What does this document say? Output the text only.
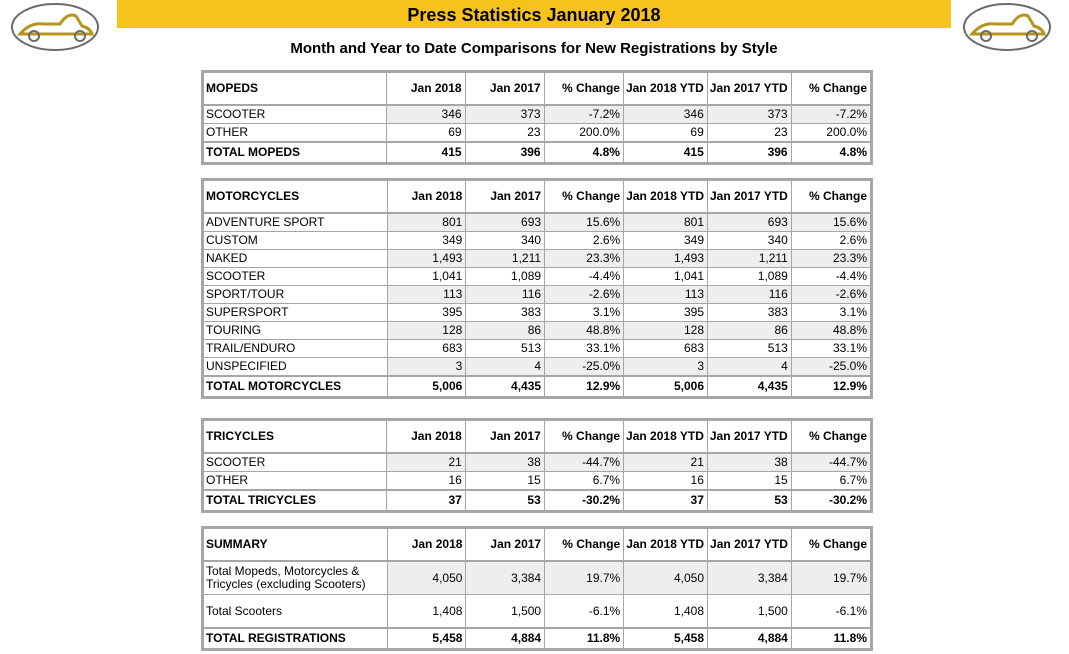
Press Statistics January 2018
Month and Year to Date Comparisons for New Registrations by Style
MOPEDS	Jan 2018	Jan 2017	% Change	Jan 2018 YTD	Jan 2017 YTD	% Change
SCOOTER	346	373	-7.2%	346	373	-7.2%
OTHER	69	23	200.0%	69	23	200.0%
TOTAL MOPEDS	415	396	4.8%	415	396	4.8%
MOTORCYCLES	Jan 2018	Jan 2017	% Change	Jan 2018 YTD	Jan 2017 YTD	% Change
ADVENTURE SPORT	801	693	15.6%	801	693	15.6%
CUSTOM	349	340	2.6%	349	340	2.6%
NAKED	1,493	1,211	23.3%	1,493	1,211	23.3%
SCOOTER	1,041	1,089	-4.4%	1,041	1,089	-4.4%
SPORT/TOUR	113	116	-2.6%	113	116	-2.6%
SUPERSPORT	395	383	3.1%	395	383	3.1%
TOURING	128	86	48.8%	128	86	48.8%
TRAIL/ENDURO	683	513	33.1%	683	513	33.1%
UNSPECIFIED	3	4	-25.0%	3	4	-25.0%
TOTAL MOTORCYCLES	5,006	4,435	12.9%	5,006	4,435	12.9%
TRICYCLES	Jan 2018	Jan 2017	% Change	Jan 2018 YTD	Jan 2017 YTD	% Change
SCOOTER	21	38	-44.7%	21	38	-44.7%
OTHER	16	15	6.7%	16	15	6.7%
TOTAL TRICYCLES	37	53	-30.2%	37	53	-30.2%
SUMMARY	Jan 2018	Jan 2017	% Change	Jan 2018 YTD	Jan 2017 YTD	% Change
Total Mopeds, Motorcycles & Tricycles (excluding Scooters)	4,050	3,384	19.7%	4,050	3,384	19.7%
Total Scooters	1,408	1,500	-6.1%	1,408	1,500	-6.1%
TOTAL REGISTRATIONS	5,458	4,884	11.8%	5,458	4,884	11.8%
